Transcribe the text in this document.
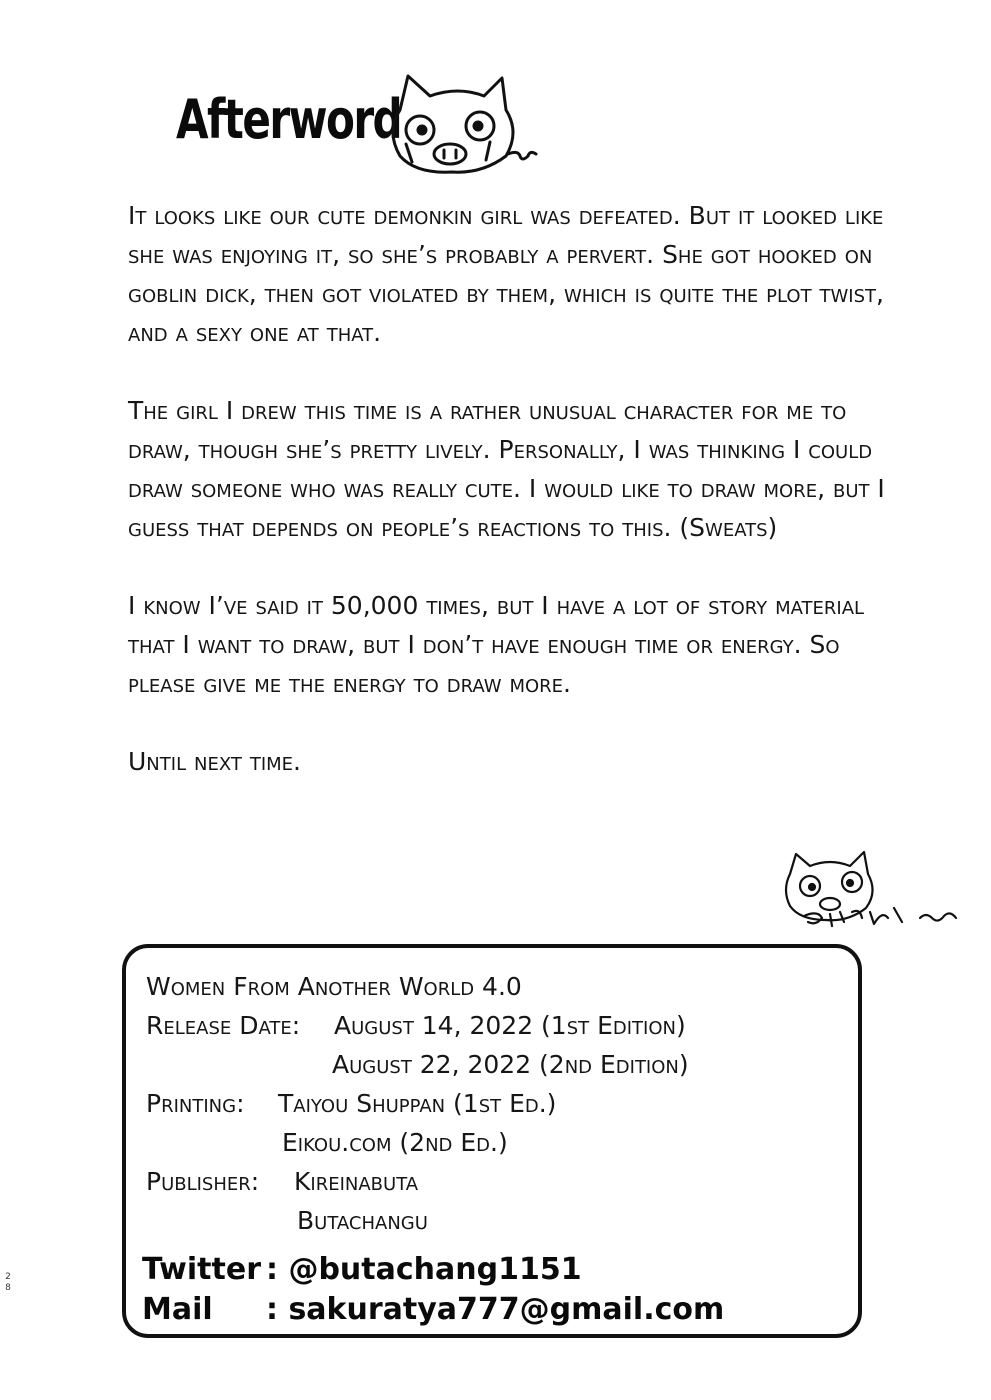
Afterword

It looks like our cute demonkin girl was defeated. But it looked like she was enjoying it, so she’s probably a pervert. She got hooked on goblin dick, then got violated by them, which is quite the plot twist, and a sexy one at that.

The girl I drew this time is a rather unusual character for me to draw, though she’s pretty lively. Personally, I was thinking I could draw someone who was really cute. I would like to draw more, but I guess that depends on people’s reactions to this. (Sweats)

I know I’ve said it 50,000 times, but I have a lot of story material that I want to draw, but I don’t have enough time or energy. So please give me the energy to draw more.

Until next time.

Women From Another World 4.0
Release Date: August 14, 2022 (1st Edition)
August 22, 2022 (2nd Edition)
Printing: Taiyou Shuppan (1st Ed.)
Eikou.com (2nd Ed.)
Publisher: Kireinabuta
Butachangu
Twitter : @butachang1151
Mail : sakuratya777@gmail.com
28
